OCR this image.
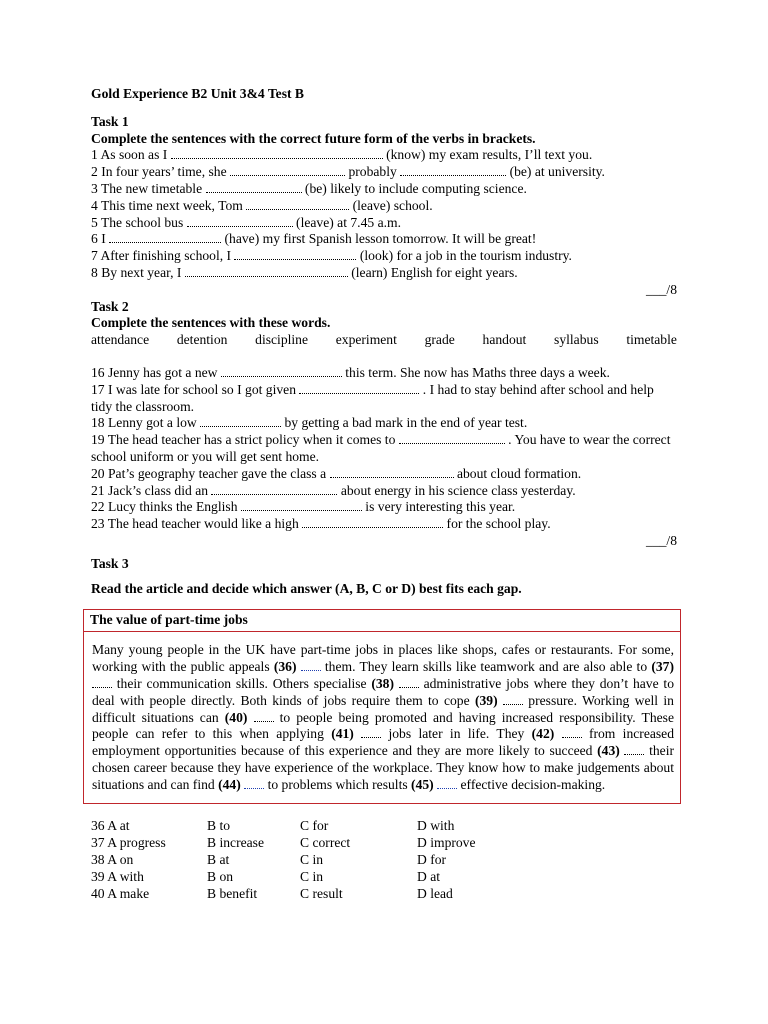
Gold Experience B2 Unit 3&4 Test B
Task 1
Complete the sentences with the correct future form of the verbs in brackets.
1 As soon as I	(know) my exam results, I’ll text you.
2 In four years’ time, she	probably	(be) at university.
3 The new timetable	(be) likely to include computing science.
4 This time next week, Tom	(leave) school.
5 The school bus	(leave) at 7.45 a.m.
6 I	(have) my first Spanish lesson tomorrow. It will be great!
7 After finishing school, I	(look) for a job in the tourism industry.
8 By next year, I	(learn) English for eight years.
___/8
Task 2
Complete the sentences with these words.
attendance detention discipline experiment grade handout syllabus timetable
16 Jenny has got a new	this term. She now has Maths three days a week.
17 I was late for school so I got given	. I had to stay behind after school and help tidy the classroom.
18 Lenny got a low	by getting a bad mark in the end of year test.
19 The head teacher has a strict policy when it comes to	. You have to wear the correct school uniform or you will get sent home.
20 Pat’s geography teacher gave the class a	about cloud formation.
21 Jack’s class did an	about energy in his science class yesterday.
22 Lucy thinks the English	is very interesting this year.
23 The head teacher would like a high	for the school play.
___/8
Task 3
Read the article and decide which answer (A, B, C or D) best fits each gap.
The value of part-time jobs

Many young people in the UK have part-time jobs in places like shops, cafes or restaurants. For some, working with the public appeals (36)  them. They learn skills like teamwork and are also able to (37)  their communication skills. Others specialise (38)  administrative jobs where they don’t have to deal with people directly. Both kinds of jobs require them to cope (39)  pressure. Working well in difficult situations can (40)  to people being promoted and having increased responsibility. These people can refer to this when applying (41)  jobs later in life. They (42)  from increased employment opportunities because of this experience and they are more likely to succeed (43)  their chosen career because they have experience of the workplace. They know how to make judgements about situations and can find (44)  to problems which results (45)  effective decision-making.

36 A at	B to	C for	D with
37 A progress	B increase	C correct	D improve
38 A on	B at	C in	D for
39 A with	B on	C in	D at
40 A make	B benefit	C result	D lead
